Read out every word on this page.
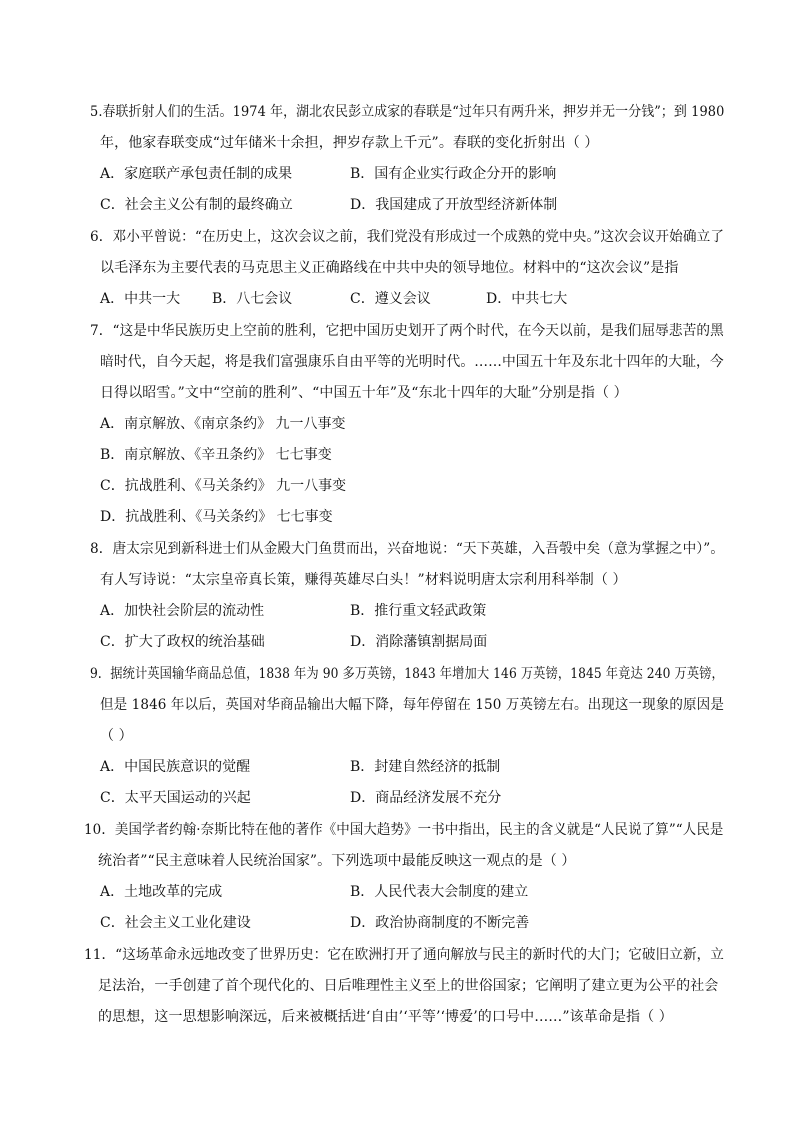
5.春联折射人们的生活。1974 年，湖北农民彭立成家的春联是“过年只有两升米，押岁并无一分钱”；到 1980
年，他家春联变成“过年储米十余担，押岁存款上千元”。春联的变化折射出（ ）
A．家庭联产承包责任制的成果	B．国有企业实行政企分开的影响
C．社会主义公有制的最终确立	D．我国建成了开放型经济新体制
6．邓小平曾说：“在历史上，这次会议之前，我们党没有形成过一个成熟的党中央。”这次会议开始确立了
以毛泽东为主要代表的马克思主义正确路线在中共中央的领导地位。材料中的“这次会议”是指
A．中共一大 B．八七会议	C．遵义会议	D．中共七大
7．“这是中华民族历史上空前的胜利，它把中国历史划开了两个时代，在今天以前，是我们屈辱悲苦的黑
暗时代，自今天起，将是我们富强康乐自由平等的光明时代。……中国五十年及东北十四年的大耻，今
日得以昭雪。”文中“空前的胜利”、“中国五十年”及“东北十四年的大耻”分别是指（ ）
A．南京解放、《南京条约》 九一八事变
B．南京解放、《辛丑条约》 七七事变
C．抗战胜利、《马关条约》 九一八事变
D．抗战胜利、《马关条约》 七七事变
8．唐太宗见到新科进士们从金殿大门鱼贯而出，兴奋地说：“天下英雄，入吾彀中矣（意为掌握之中）”。
有人写诗说：“太宗皇帝真长策，赚得英雄尽白头！”材料说明唐太宗利用科举制（ ）
A．加快社会阶层的流动性	B．推行重文轻武政策
C．扩大了政权的统治基础	D．消除藩镇割据局面
9．据统计英国输华商品总值，1838 年为 90 多万英镑，1843 年增加大 146 万英镑，1845 年竟达 240 万英镑，
但是 1846 年以后，英国对华商品输出大幅下降，每年停留在 150 万英镑左右。出现这一现象的原因是
（ ）
A．中国民族意识的觉醒	B．封建自然经济的抵制
C．太平天国运动的兴起	D．商品经济发展不充分
10．美国学者约翰·奈斯比特在他的著作《中国大趋势》一书中指出，民主的含义就是“人民说了算”“人民是
统治者”“民主意味着人民统治国家”。下列选项中最能反映这一观点的是（ ）
A．土地改革的完成	B．人民代表大会制度的建立
C．社会主义工业化建设	D．政治协商制度的不断完善
11．“这场革命永远地改变了世界历史：它在欧洲打开了通向解放与民主的新时代的大门；它破旧立新，立
足法治，一手创建了首个现代化的、日后唯理性主义至上的世俗国家；它阐明了建立更为公平的社会
的思想，这一思想影响深远，后来被概括进‘自由’‘平等’‘博爱’的口号中……”该革命是指（ ）
